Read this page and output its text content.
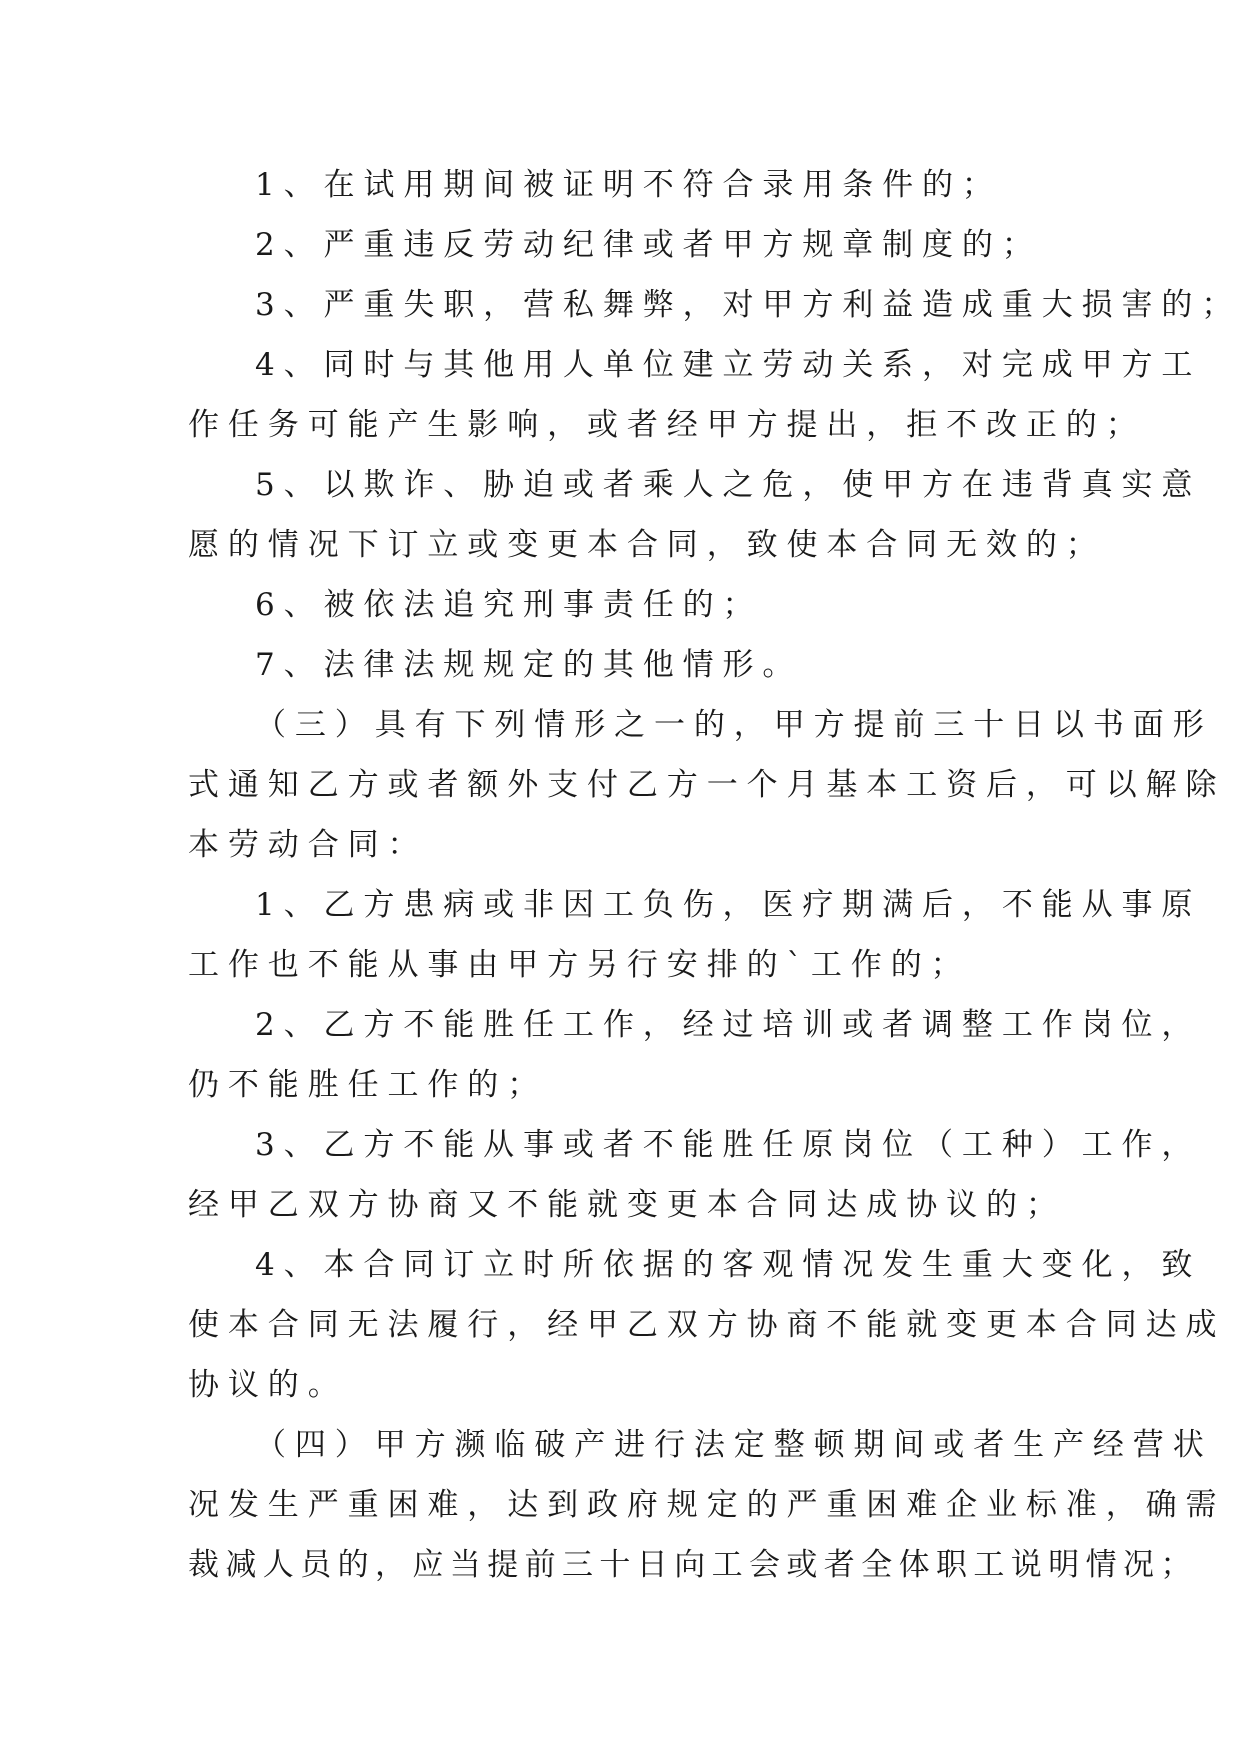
1、在试用期间被证明不符合录用条件的；
2、严重违反劳动纪律或者甲方规章制度的；
3、严重失职，营私舞弊，对甲方利益造成重大损害的；
4、同时与其他用人单位建立劳动关系，对完成甲方工
作任务可能产生影响，或者经甲方提出，拒不改正的；
5、以欺诈、胁迫或者乘人之危，使甲方在违背真实意
愿的情况下订立或变更本合同，致使本合同无效的；
6、被依法追究刑事责任的；
7、法律法规规定的其他情形。
（三）具有下列情形之一的，甲方提前三十日以书面形
式通知乙方或者额外支付乙方一个月基本工资后，可以解除
本劳动合同：
1、乙方患病或非因工负伤，医疗期满后，不能从事原
工作也不能从事由甲方另行安排的`工作的；
2、乙方不能胜任工作，经过培训或者调整工作岗位，
仍不能胜任工作的；
3、乙方不能从事或者不能胜任原岗位（工种）工作，
经甲乙双方协商又不能就变更本合同达成协议的；
4、本合同订立时所依据的客观情况发生重大变化，致
使本合同无法履行，经甲乙双方协商不能就变更本合同达成
协议的。
（四）甲方濒临破产进行法定整顿期间或者生产经营状
况发生严重困难，达到政府规定的严重困难企业标准，确需
裁减人员的，应当提前三十日向工会或者全体职工说明情况；
